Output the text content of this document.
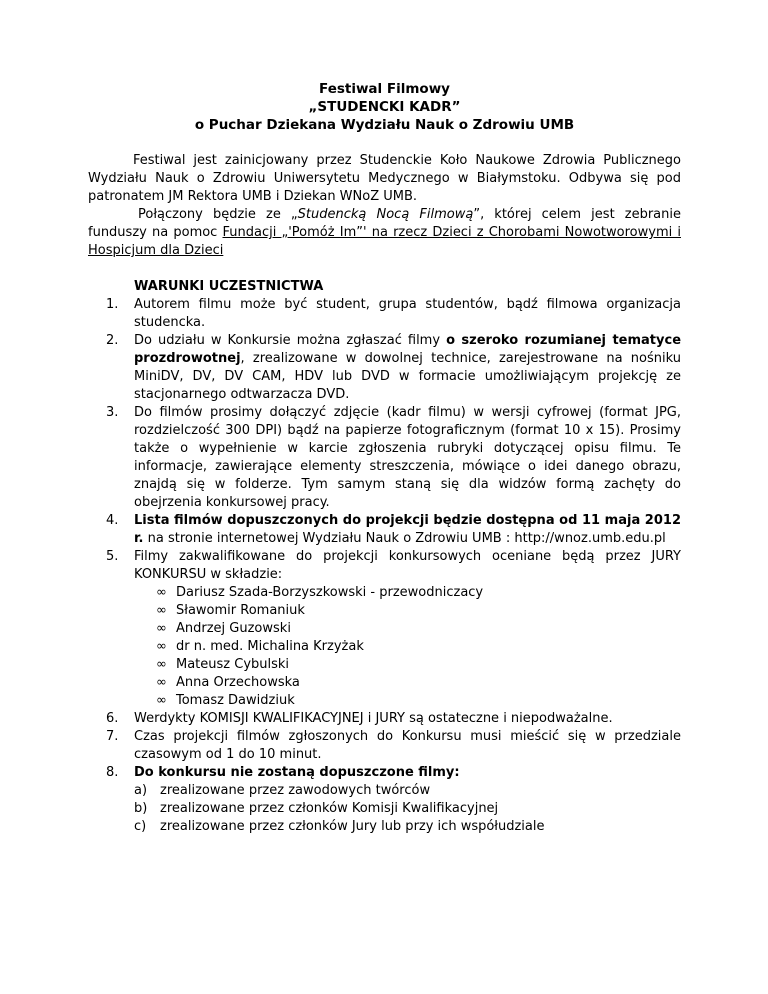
Festiwal Filmowy
„STUDENCKI KADR”
o Puchar Dziekana Wydziału Nauk o Zdrowiu UMB

Festiwal jest zainicjowany przez Studenckie Koło Naukowe Zdrowia Publicznego Wydziału Nauk o Zdrowiu Uniwersytetu Medycznego w Białymstoku. Odbywa się pod patronatem JM Rektora UMB i Dziekan WNoZ UMB.

Połączony będzie ze „Studencką Nocą Filmową”, której celem jest zebranie funduszy na pomoc Fundacji „'Pomóż Im”' na rzecz Dzieci z Chorobami Nowotworowymi i Hospicjum dla Dzieci

WARUNKI UCZESTNICTWA
1.	Autorem filmu może być student, grupa studentów, bądź filmowa organizacja studencka.
2.	Do udziału w Konkursie można zgłaszać filmy o szeroko rozumianej tematyce prozdrowotnej, zrealizowane w dowolnej technice, zarejestrowane na nośniku MiniDV, DV, DV CAM, HDV lub DVD w formacie umożliwiającym projekcję ze stacjonarnego odtwarzacza DVD.
3.	Do filmów prosimy dołączyć zdjęcie (kadr filmu) w wersji cyfrowej (format JPG, rozdzielczość 300 DPI) bądź na papierze fotograficznym (format 10 x 15). Prosimy także o wypełnienie w karcie zgłoszenia rubryki dotyczącej opisu filmu. Te informacje, zawierające elementy streszczenia, mówiące o idei danego obrazu, znajdą się w folderze. Tym samym staną się dla widzów formą zachęty do obejrzenia konkursowej pracy.
4.	Lista filmów dopuszczonych do projekcji będzie dostępna od 11 maja 2012 r. na stronie internetowej Wydziału Nauk o Zdrowiu UMB : http://wnoz.umb.edu.pl
5.	Filmy zakwalifikowane do projekcji konkursowych oceniane będą przez JURY KONKURSU w składzie:
∞ Dariusz Szada-Borzyszkowski - przewodniczacy
∞ Sławomir Romaniuk
∞ Andrzej Guzowski
∞ dr n. med. Michalina Krzyżak
∞ Mateusz Cybulski
∞ Anna Orzechowska
∞ Tomasz Dawidziuk
6.	Werdykty KOMISJI KWALIFIKACYJNEJ i JURY są ostateczne i niepodważalne.
7.	Czas projekcji filmów zgłoszonych do Konkursu musi mieścić się w przedziale czasowym od 1 do 10 minut.
8.	Do konkursu nie zostaną dopuszczone filmy:
a) zrealizowane przez zawodowych twórców
b) zrealizowane przez członków Komisji Kwalifikacyjnej
c)	zrealizowane przez członków Jury lub przy ich współudziale
